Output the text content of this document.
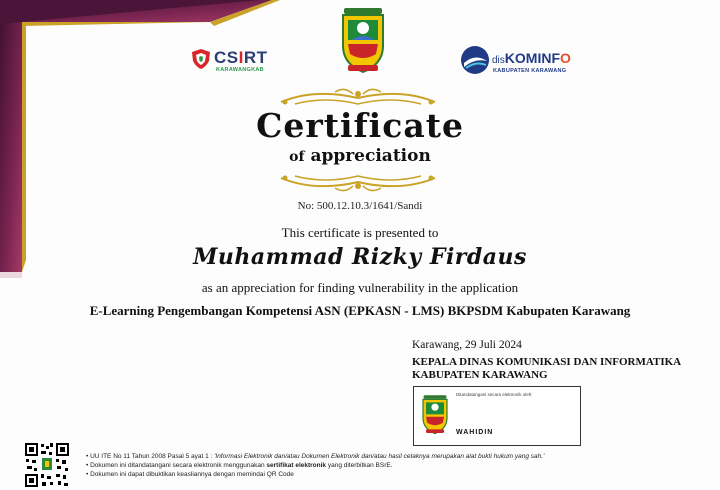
CSIRT
KARAWANGKAB
disKOMINFO
KABUPATEN KARAWANG
Certificate
of appreciation
No: 500.12.10.3/1641/Sandi
This certificate is presented to
Muhammad Rizky Firdaus
as an appreciation for finding vulnerability in the application
E-Learning Pengembangan Kompetensi ASN (EPKASN - LMS) BKPSDM Kabupaten Karawang
Karawang, 29 Juli 2024
KEPALA DINAS KOMUNIKASI DAN INFORMATIKA
KABUPATEN KARAWANG
Ditandatangani secara elektronik oleh:
WAHIDIN
• UU ITE No 11 Tahun 2008 Pasal 5 ayat 1 : 'Informasi Elektronik dan/atau Dokumen Elektronik dan/atau hasil cetaknya merupakan alat bukti hukum yang sah.'
• Dokumen ini ditandatangani secara elektronik menggunakan sertifikat elektronik yang diterbitkan BSrE.
• Dokumen ini dapat dibuktikan keasliannya dengan memindai QR Code
